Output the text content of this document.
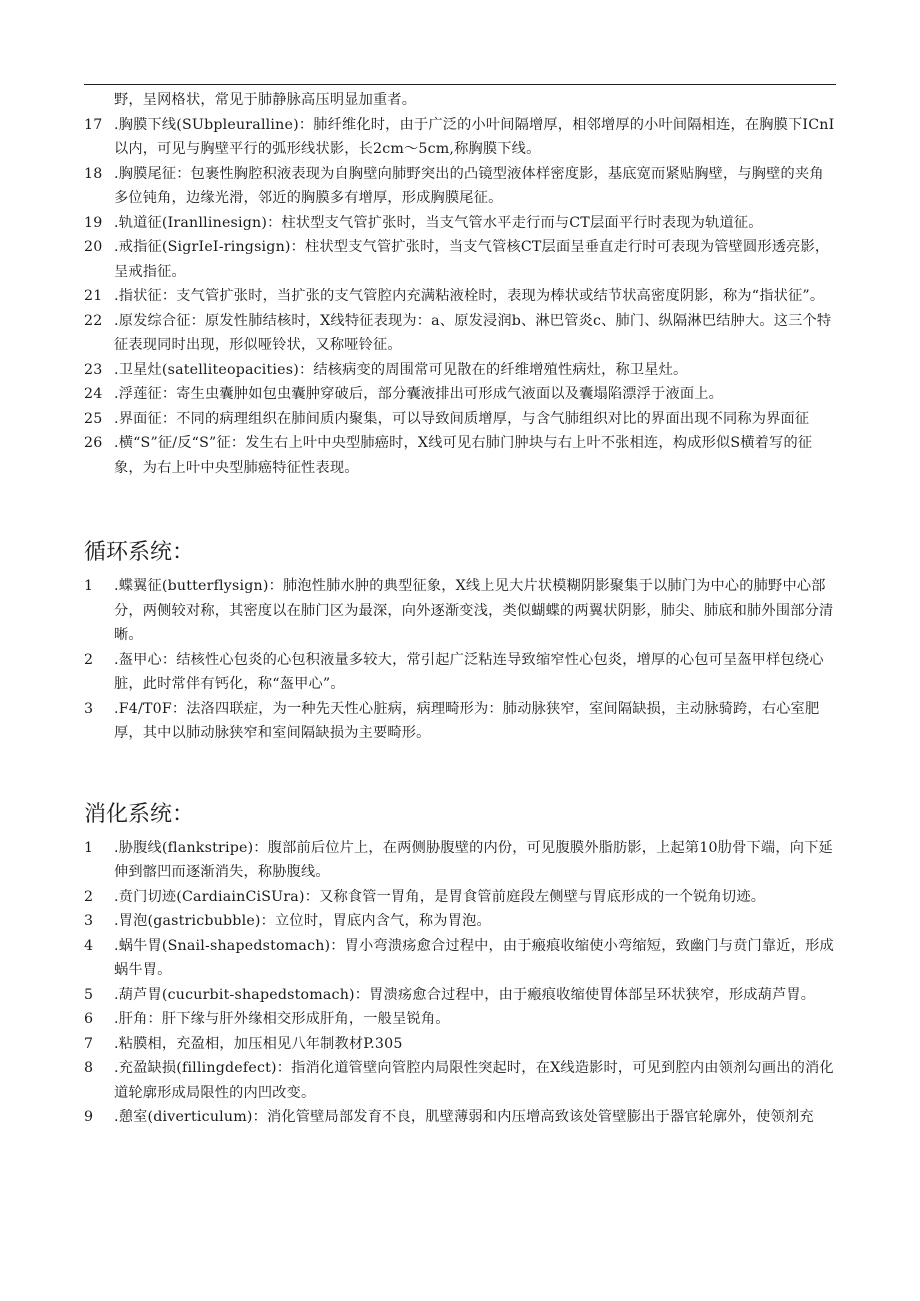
野，呈网格状，常见于肺静脉高压明显加重者。
17 .胸膜下线(SUbpleuralline)：肺纤维化时，由于广泛的小叶间隔增厚，相邻增厚的小叶间隔相连，在胸膜下ICnI以内，可见与胸壁平行的弧形线状影，长2cm～5cm,称胸膜下线。
18 .胸膜尾征：包裹性胸腔积液表现为自胸壁向肺野突出的凸镜型液体样密度影，基底宽而紧贴胸壁，与胸壁的夹角多位钝角，边缘光滑，邻近的胸膜多有增厚，形成胸膜尾征。
19 .轨道征(Iranllinesign)：柱状型支气管扩张时，当支气管水平走行而与CT层面平行时表现为轨道征。
20 .戒指征(SigrIeI-ringsign)：柱状型支气管扩张时，当支气管核CT层面呈垂直走行时可表现为管壁圆形透亮影，呈戒指征。
21 .指状征：支气管扩张时，当扩张的支气管腔内充满粘液栓时，表现为棒状或结节状高密度阴影，称为“指状征”。
22 .原发综合征：原发性肺结核时，X线特征表现为：a、原发浸润b、淋巴管炎c、肺门、纵隔淋巴结肿大。这三个特征表现同时出现，形似哑铃状，又称哑铃征。
23 .卫星灶(satelliteopacities)：结核病变的周围常可见散在的纤维增殖性病灶，称卫星灶。
24 .浮莲征：寄生虫囊肿如包虫囊肿穿破后，部分囊液排出可形成气液面以及囊塌陷漂浮于液面上。
25 .界面征：不同的病理组织在肺间质内聚集，可以导致间质增厚，与含气肺组织对比的界面出现不同称为界面征
26 .横“S”征/反“S”征：发生右上叶中央型肺癌时，X线可见右肺门肿块与右上叶不张相连，构成形似S横着写的征象，为右上叶中央型肺癌特征性表现。
循环系统：
1	.蝶翼征(butterflysign)：肺泡性肺水肿的典型征象，X线上见大片状模糊阴影聚集于以肺门为中心的肺野中心部分，两侧较对称，其密度以在肺门区为最深，向外逐渐变浅，类似蝴蝶的两翼状阴影，肺尖、肺底和肺外围部分清晰。
2	.盔甲心：结核性心包炎的心包积液量多较大，常引起广泛粘连导致缩窄性心包炎，增厚的心包可呈盔甲样包绕心脏，此时常伴有钙化，称“盔甲心”。
3	.F4/T0F：法洛四联症，为一种先天性心脏病，病理畸形为：肺动脉狭窄，室间隔缺损，主动脉骑跨，右心室肥厚，其中以肺动脉狭窄和室间隔缺损为主要畸形。
消化系统：
1	.胁腹线(flankstripe)：腹部前后位片上，在两侧胁腹壁的内份，可见腹膜外脂肪影，上起第10肋骨下端，向下延伸到髂凹而逐渐消失，称胁腹线。
2	.贲门切迹(CardiainCiSUra)：又称食管一胃角，是胃食管前庭段左侧壁与胃底形成的一个锐角切迹。
3	.胃泡(gastricbubble)：立位时，胃底内含气，称为胃泡。
4	.蜗牛胃(Snail-shapedstomach)：胃小弯溃疡愈合过程中，由于瘢痕收缩使小弯缩短，致幽门与贲门靠近，形成蜗牛胃。
5	.葫芦胃(cucurbit-shapedstomach)：胃溃疡愈合过程中，由于瘢痕收缩使胃体部呈环状狭窄，形成葫芦胃。
6	.肝角：肝下缘与肝外缘相交形成肝角，一般呈锐角。
7	.粘膜相，充盈相，加压相见八年制教材P.305
8	.充盈缺损(fillingdefect)：指消化道管壁向管腔内局限性突起时，在X线造影时，可见到腔内由领剂勾画出的消化道轮廓形成局限性的内凹改变。
9	.憩室(diverticulum)：消化管壁局部发育不良，肌壁薄弱和内压增高致该处管壁膨出于器官轮廓外，使领剂充
